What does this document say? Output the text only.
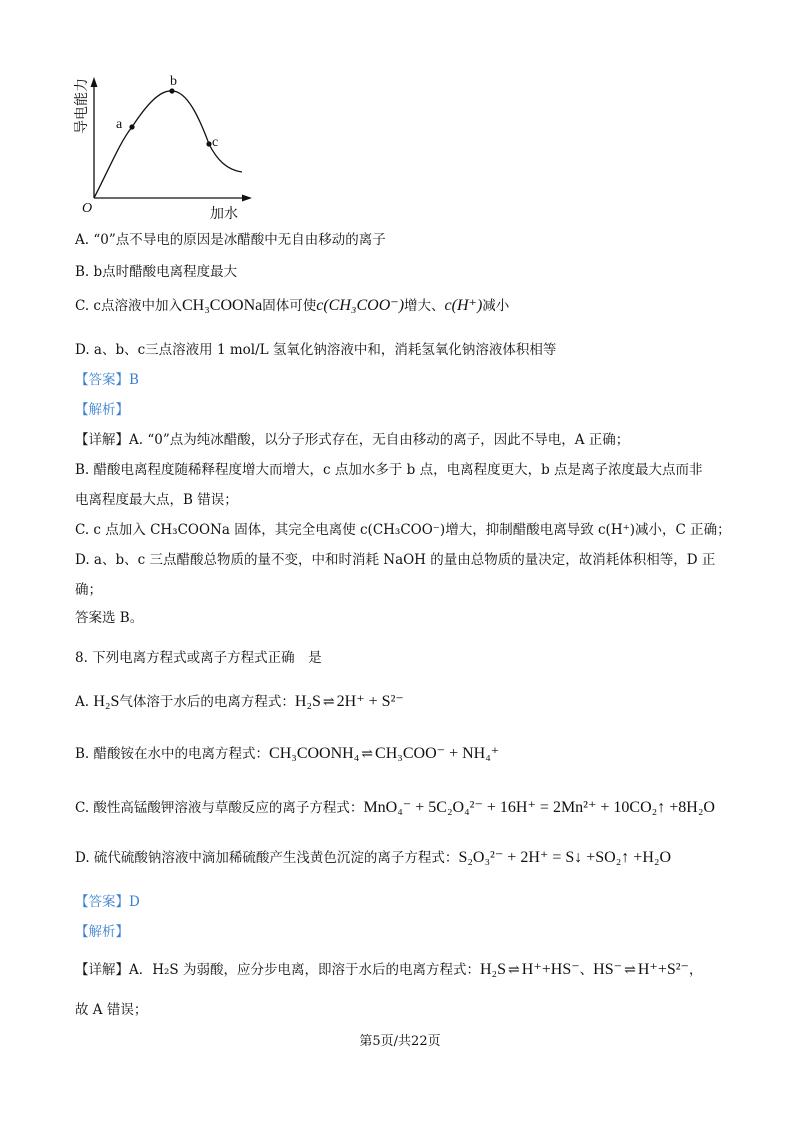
导电能力 a
b
c
O	加水
A. “0”点不导电的原因是冰醋酸中无自由移动的离子
B. b点时醋酸电离程度最大
C. c点溶液中加入CH₃COONa固体可使c(CH₃COO⁻)增大、c(H⁺)减小
D. a、b、c三点溶液用 1 mol/L 氢氧化钠溶液中和，消耗氢氧化钠溶液体积相等
【答案】B
【解析】
【详解】A. “0”点为纯冰醋酸，以分子形式存在，无自由移动的离子，因此不导电，A 正确；
B. 醋酸电离程度随稀释程度增大而增大，c 点加水多于 b 点，电离程度更大，b 点是离子浓度最大点而非
电离程度最大点，B 错误；
C. c 点加入 CH₃COONa 固体，其完全电离使 c(CH₃COO⁻)增大，抑制醋酸电离导致 c(H⁺)减小，C 正确；
D. a、b、c 三点醋酸总物质的量不变，中和时消耗 NaOH 的量由总物质的量决定，故消耗体积相等，D 正
确；
答案选 B。
8. 下列电离方程式或离子方程式正确　是
A. H₂S气体溶于水后的电离方程式：H₂S ⇌ 2H⁺ + S²⁻
B. 醋酸铵在水中的电离方程式：CH₃COONH₄ ⇌ CH₃COO⁻ + NH₄⁺
C. 酸性高锰酸钾溶液与草酸反应的离子方程式：MnO₄⁻ + 5C₂O₄²⁻ + 16H⁺ = 2Mn²⁺ + 10CO₂↑ +8H₂O
D. 硫代硫酸钠溶液中滴加稀硫酸产生浅黄色沉淀的离子方程式：S₂O₃²⁻ + 2H⁺ = S↓ +SO₂↑ +H₂O
【答案】D
【解析】
【详解】A．H₂S 为弱酸，应分步电离，即溶于水后的电离方程式：H₂S ⇌ H⁺+HS⁻、HS⁻ ⇌ H⁺+S²⁻，
故 A 错误；
第5页/共22页
